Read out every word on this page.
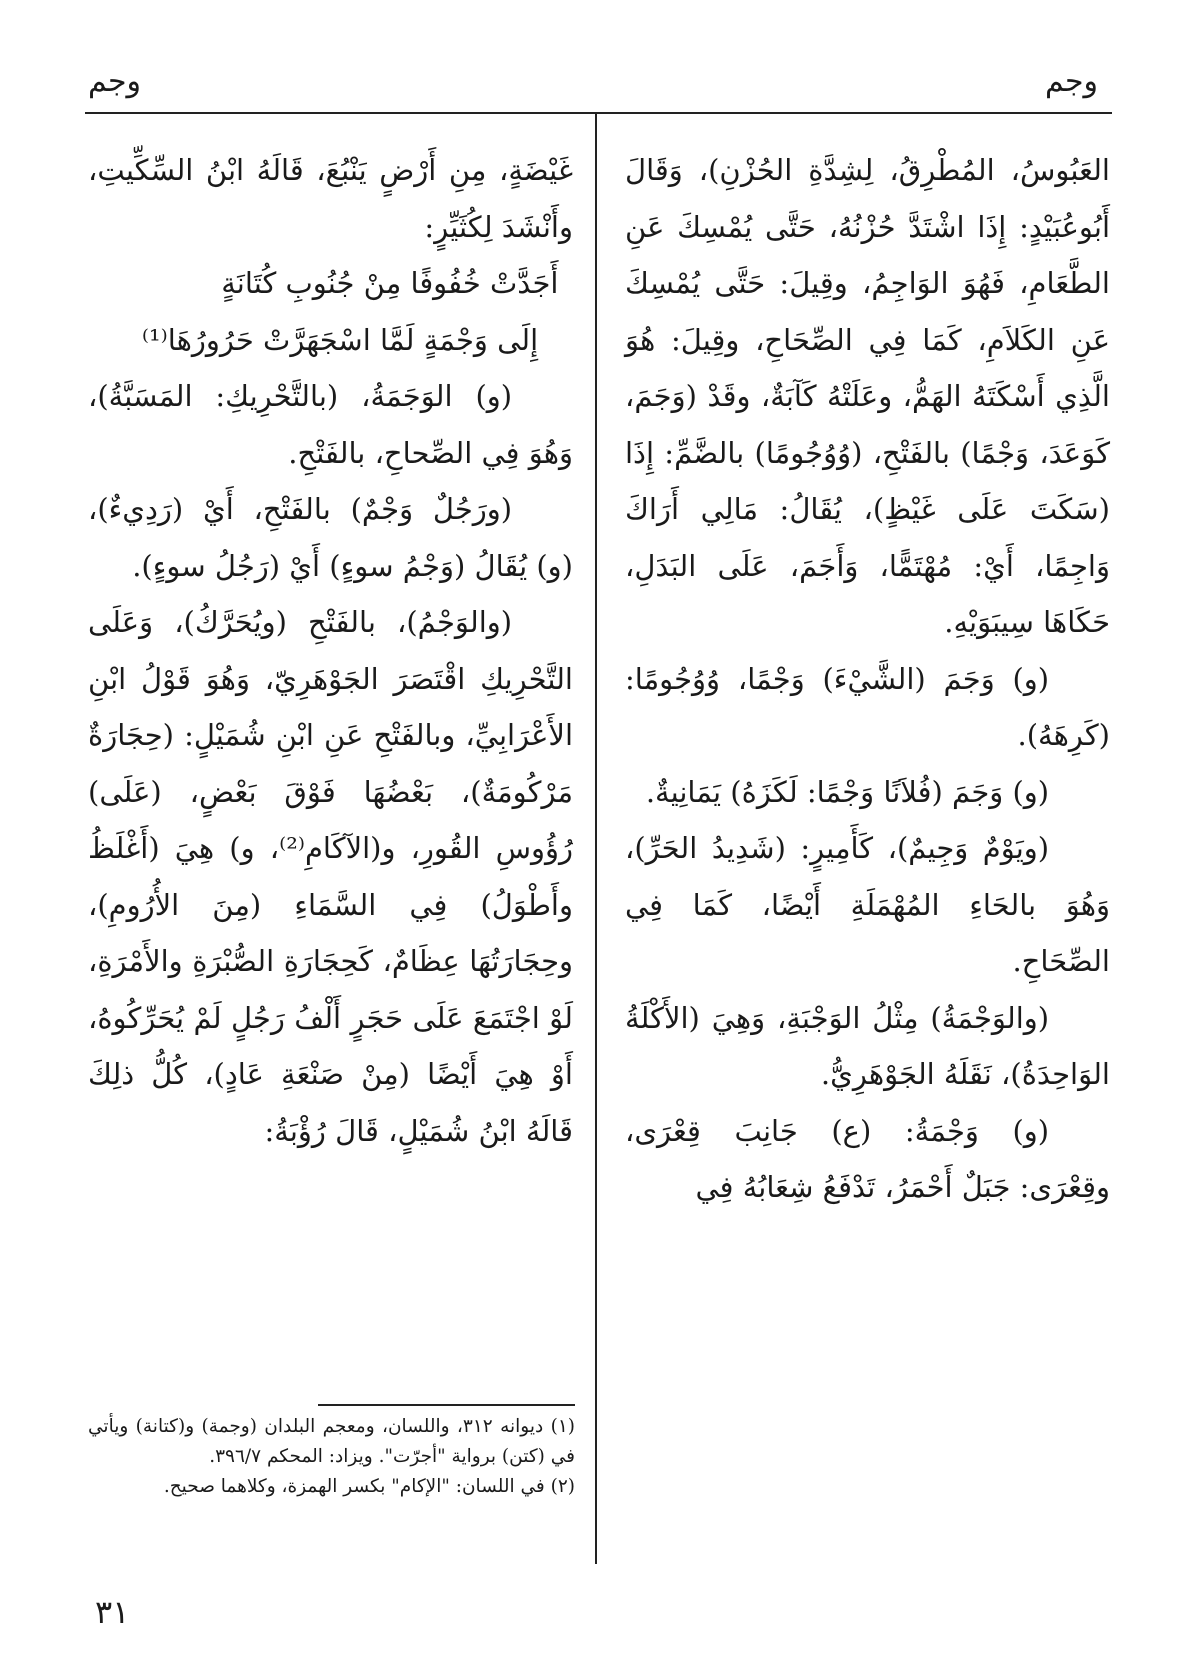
وجم
وجم

العَبُوسُ، المُطْرِقُ، لِشِدَّةِ الحُزْنِ)، وَقَالَ أَبُوعُبَيْدٍ: إِذَا اشْتَدَّ حُزْنُهُ، حَتَّى يُمْسِكَ عَنِ الطَّعَامِ، فَهُوَ الوَاجِمُ، وقِيلَ: حَتَّى يُمْسِكَ عَنِ الكَلاَمِ، كَمَا فِي الصِّحَاحِ، وقِيلَ: هُوَ الَّذِي أَسْكَتَهُ الهَمُّ، وعَلَتْهُ كَآبَةٌ، وقَدْ (وَجَمَ، كَوَعَدَ، وَجْمًا) بالفَتْحِ، (وُوُجُومًا) بالضَّمِّ: إِذَا (سَكَتَ عَلَى غَيْظٍ)، يُقَالُ: مَالِي أَرَاكَ وَاجِمًا، أَيْ: مُهْتَمًّا، وَأَجَمَ، عَلَى البَدَلِ، حَكَاهَا سِيبَوَيْهِ.

(و) وَجَمَ (الشَّيْءَ) وَجْمًا، وُوُجُومًا: (كَرِهَهُ).

(و) وَجَمَ (فُلاَنًا وَجْمًا: لَكَزَهُ) يَمَانِيةٌ.

(ويَوْمٌ وَجِيمٌ)، كَأَمِيرٍ: (شَدِيدُ الحَرِّ)، وَهُوَ بالحَاءِ المُهْمَلَةِ أَيْضًا، كَمَا فِي الصِّحَاحِ.

(والوَجْمَةُ) مِثْلُ الوَجْبَةِ، وَهِيَ (الأَكْلَةُ الوَاحِدَةُ)، نَقَلَهُ الجَوْهَرِيُّ.

(و) وَجْمَةُ: (ع) جَانِبَ قِعْرَى، وقِعْرَى: جَبَلٌ أَحْمَرُ، تَدْفَعُ شِعَابُهُ فِي

غَيْضَةٍ، مِنِ أَرْضٍ يَنْبُعَ، قَالَهُ ابْنُ السِّكِّيتِ، وأَنْشَدَ لِكُثَيِّرٍ:

أَجَدَّتْ خُفُوفًا مِنْ جُنُوبِ كُتَانَةٍ

إِلَى وَجْمَةٍ لَمَّا اسْجَهَرَّتْ حَرُورُهَا⁽¹⁾

(و) الوَجَمَةُ، (بالتَّحْرِيكِ: المَسَبَّةُ)، وَهُوَ فِي الصِّحاحِ، بالفَتْحِ.

(ورَجُلٌ وَجْمٌ) بالفَتْحِ، أَيْ (رَدِيءٌ)، (و) يُقَالُ (وَجْمُ سوءٍ) أَيْ (رَجُلُ سوءٍ).

(والوَجْمُ)، بالفَتْحِ (ويُحَرَّكُ)، وَعَلَى التَّحْرِيكِ اقْتَصَرَ الجَوْهَرِيّ، وَهُوَ قَوْلُ ابْنِ الأَعْرَابِيِّ، وبالفَتْحِ عَنِ ابْنِ شُمَيْلٍ: (حِجَارَةٌ مَرْكُومَةٌ)، بَعْضُهَا فَوْقَ بَعْضٍ، (عَلَى) رُؤُوسِ القُورِ، و(الآكَامِ⁽²⁾، و) هِيَ (أَغْلَظُ وأَطْوَلُ) فِي السَّمَاءِ (مِنَ الأُرُومِ)، وحِجَارَتُهَا عِظَامٌ، كَحِجَارَةِ الصُّبْرَةِ والأَمْرَةِ، لَوْ اجْتَمَعَ عَلَى حَجَرٍ أَلْفُ رَجُلٍ لَمْ يُحَرِّكُوهُ، أَوْ هِيَ أَيْضًا (مِنْ صَنْعَةِ عَادٍ)، كُلُّ ذلِكَ قَالَهُ ابْنُ شُمَيْلٍ، قَالَ رُؤْبَةُ:

(١) ديوانه ٣١٢، واللسان، ومعجم البلدان (وجمة) و(كتانة) ويأتي في (كتن) برواية "أجرّت". ويزاد: المحكم ٣٩٦/٧.

(٢) في اللسان: "الإكام" بكسر الهمزة، وكلاهما صحيح.

٣١
